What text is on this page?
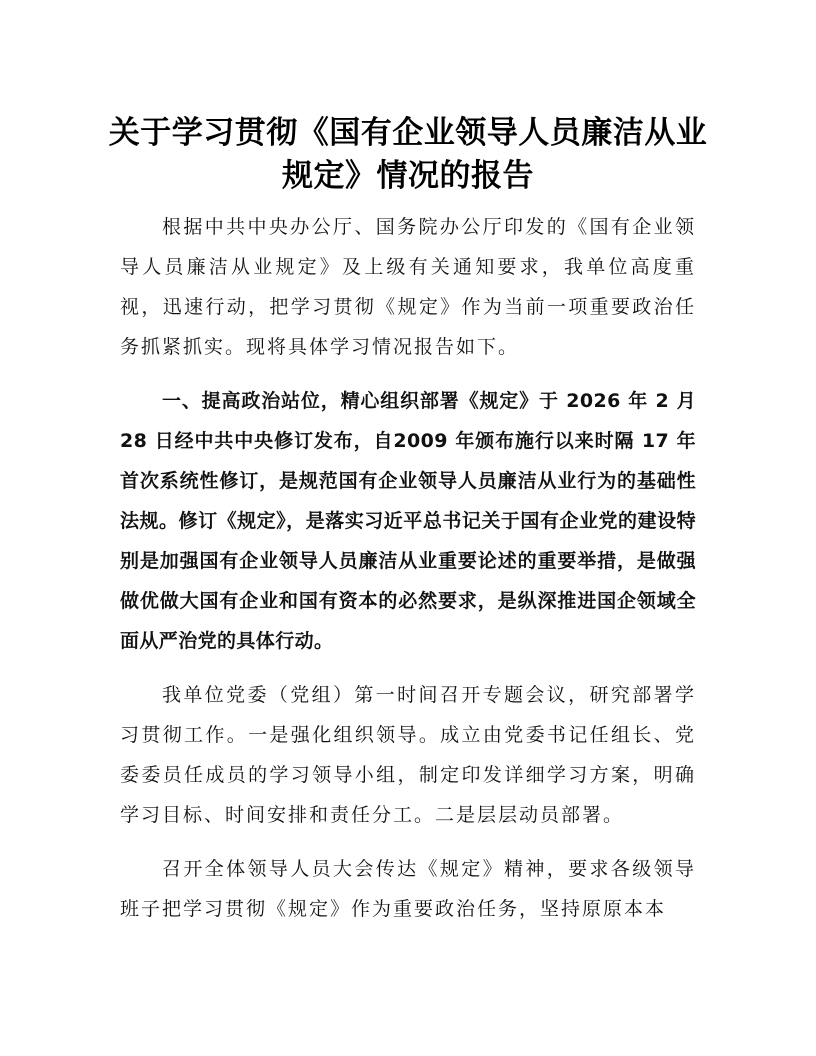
关于学习贯彻《国有企业领导人员廉洁从业规定》情况的报告

根据中共中央办公厅、国务院办公厅印发的《国有企业领导人员廉洁从业规定》及上级有关通知要求，我单位高度重视，迅速行动，把学习贯彻《规定》作为当前一项重要政治任务抓紧抓实。现将具体学习情况报告如下。

一、提高政治站位，精心组织部署《规定》于 2026 年 2 月 28 日经中共中央修订发布，自2009 年颁布施行以来时隔 17 年首次系统性修订，是规范国有企业领导人员廉洁从业行为的基础性法规。修订《规定》，是落实习近平总书记关于国有企业党的建设特别是加强国有企业领导人员廉洁从业重要论述的重要举措，是做强做优做大国有企业和国有资本的必然要求，是纵深推进国企领域全面从严治党的具体行动。

我单位党委（党组）第一时间召开专题会议，研究部署学习贯彻工作。一是强化组织领导。成立由党委书记任组长、党委委员任成员的学习领导小组，制定印发详细学习方案，明确学习目标、时间安排和责任分工。二是层层动员部署。

召开全体领导人员大会传达《规定》精神，要求各级领导班子把学习贯彻《规定》作为重要政治任务，坚持原原本本
